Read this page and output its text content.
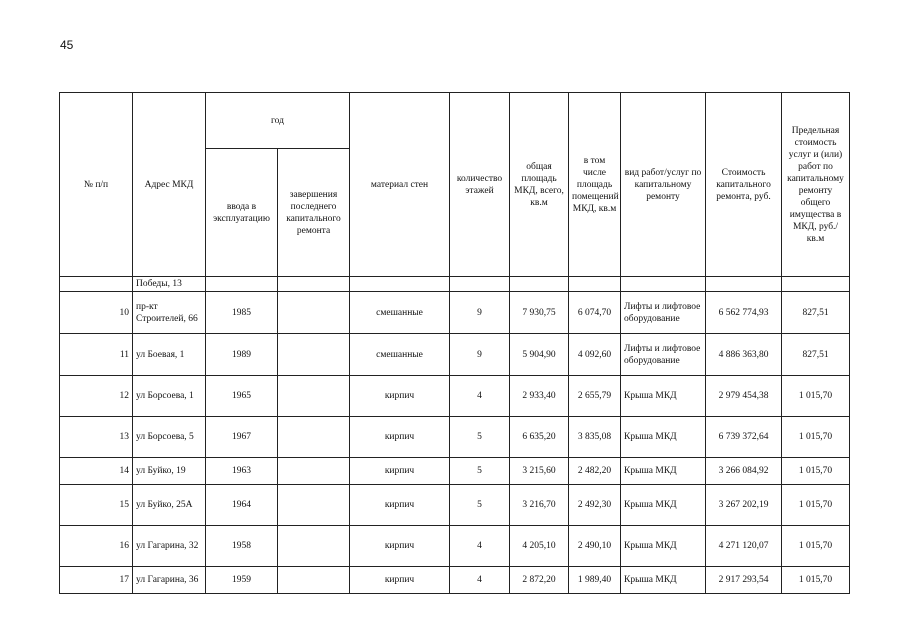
45
№ п/п	Адрес МКД	год		материал стен	количество этажей	общая площадь МКД, всего, кв.м	в том числе площадь помещений МКД, кв.м	вид работ/услуг по капитальному ремонту	Стоимость капитального ремонта, руб.	Предельная стоимость услуг и (или) работ по капитальному ремонту общего имущества в МКД, руб./кв.м
		ввода в эксплуатацию	завершения последнего капитального ремонта							
	Победы, 13									
10	пр-кт Строителей, 66	1985		смешанные	9	7 930,75	6 074,70	Лифты и лифтовое оборудование	6 562 774,93	827,51
11	ул Боевая, 1	1989		смешанные	9	5 904,90	4 092,60	Лифты и лифтовое оборудование	4 886 363,80	827,51
12	ул Борсоева, 1	1965		кирпич	4	2 933,40	2 655,79	Крыша МКД	2 979 454,38	1 015,70
13	ул Борсоева, 5	1967		кирпич	5	6 635,20	3 835,08	Крыша МКД	6 739 372,64	1 015,70
14	ул Буйко, 19	1963		кирпич	5	3 215,60	2 482,20	Крыша МКД	3 266 084,92	1 015,70
15	ул Буйко, 25А	1964		кирпич	5	3 216,70	2 492,30	Крыша МКД	3 267 202,19	1 015,70
16	ул Гагарина, 32	1958		кирпич	4	4 205,10	2 490,10	Крыша МКД	4 271 120,07	1 015,70
17	ул Гагарина, 36	1959		кирпич	4	2 872,20	1 989,40	Крыша МКД	2 917 293,54	1 015,70
